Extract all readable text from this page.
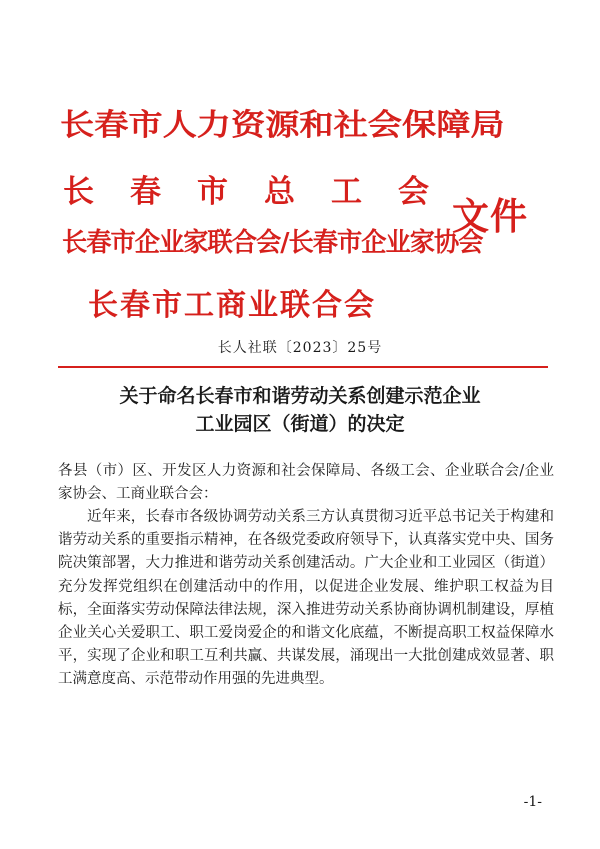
长春市人力资源和社会保障局
长春市总工会
长春市企业家联合会/长春市企业家协会
长春市工商业联合会
文件
长人社联〔2023〕25号
关于命名长春市和谐劳动关系创建示范企业
工业园区（街道）的决定
各县（市）区、开发区人力资源和社会保障局、各级工会、企业联合会/企业家协会、工商业联合会：
近年来，长春市各级协调劳动关系三方认真贯彻习近平总书记关于构建和谐劳动关系的重要指示精神，在各级党委政府领导下，认真落实党中央、国务院决策部署，大力推进和谐劳动关系创建活动。广大企业和工业园区（街道）充分发挥党组织在创建活动中的作用，以促进企业发展、维护职工权益为目标，全面落实劳动保障法律法规，深入推进劳动关系协商协调机制建设，厚植企业关心关爱职工、职工爱岗爱企的和谐文化底蕴，不断提高职工权益保障水平，实现了企业和职工互利共赢、共谋发展，涌现出一大批创建成效显著、职工满意度高、示范带动作用强的先进典型。
-1-
